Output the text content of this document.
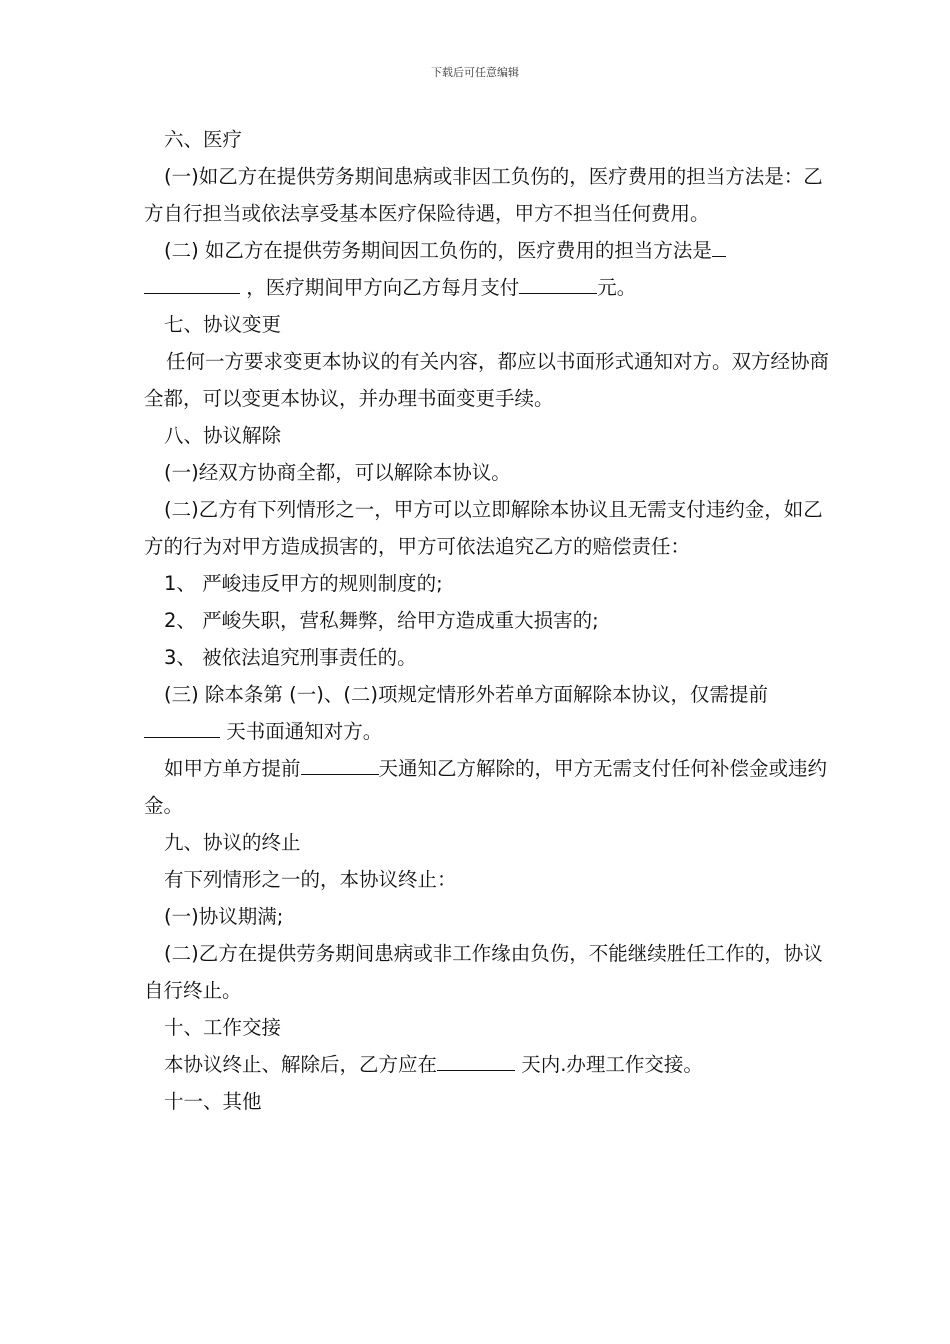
下载后可任意编辑

六、医疗

(一)如乙方在提供劳务期间患病或非因工负伤的，医疗费用的担当方法是：乙方自行担当或依法享受基本医疗保险待遇，甲方不担当任何费用。

(二) 如乙方在提供劳务期间因工负伤的，医疗费用的担当方法是
，医疗期间甲方向乙方每月支付	元。

七、协议变更

任何一方要求变更本协议的有关内容，都应以书面形式通知对方。双方经协商全都，可以变更本协议，并办理书面变更手续。

八、协议解除

(一)经双方协商全都，可以解除本协议。

(二)乙方有下列情形之一，甲方可以立即解除本协议且无需支付违约金，如乙方的行为对甲方造成损害的，甲方可依法追究乙方的赔偿责任：

1、 严峻违反甲方的规则制度的;

2、 严峻失职，营私舞弊，给甲方造成重大损害的;

3、 被依法追究刑事责任的。

(三) 除本条第 (一)、(二)项规定情形外若单方面解除本协议，仅需提前 天书面通知对方。

如甲方单方提前	天通知乙方解除的，甲方无需支付任何补偿金或违约金。

九、协议的终止

有下列情形之一的，本协议终止：

(一)协议期满;

(二)乙方在提供劳务期间患病或非工作缘由负伤，不能继续胜任工作的，协议自行终止。

十、工作交接

本协议终止、解除后，乙方应在	天内.办理工作交接。

十一、其他
